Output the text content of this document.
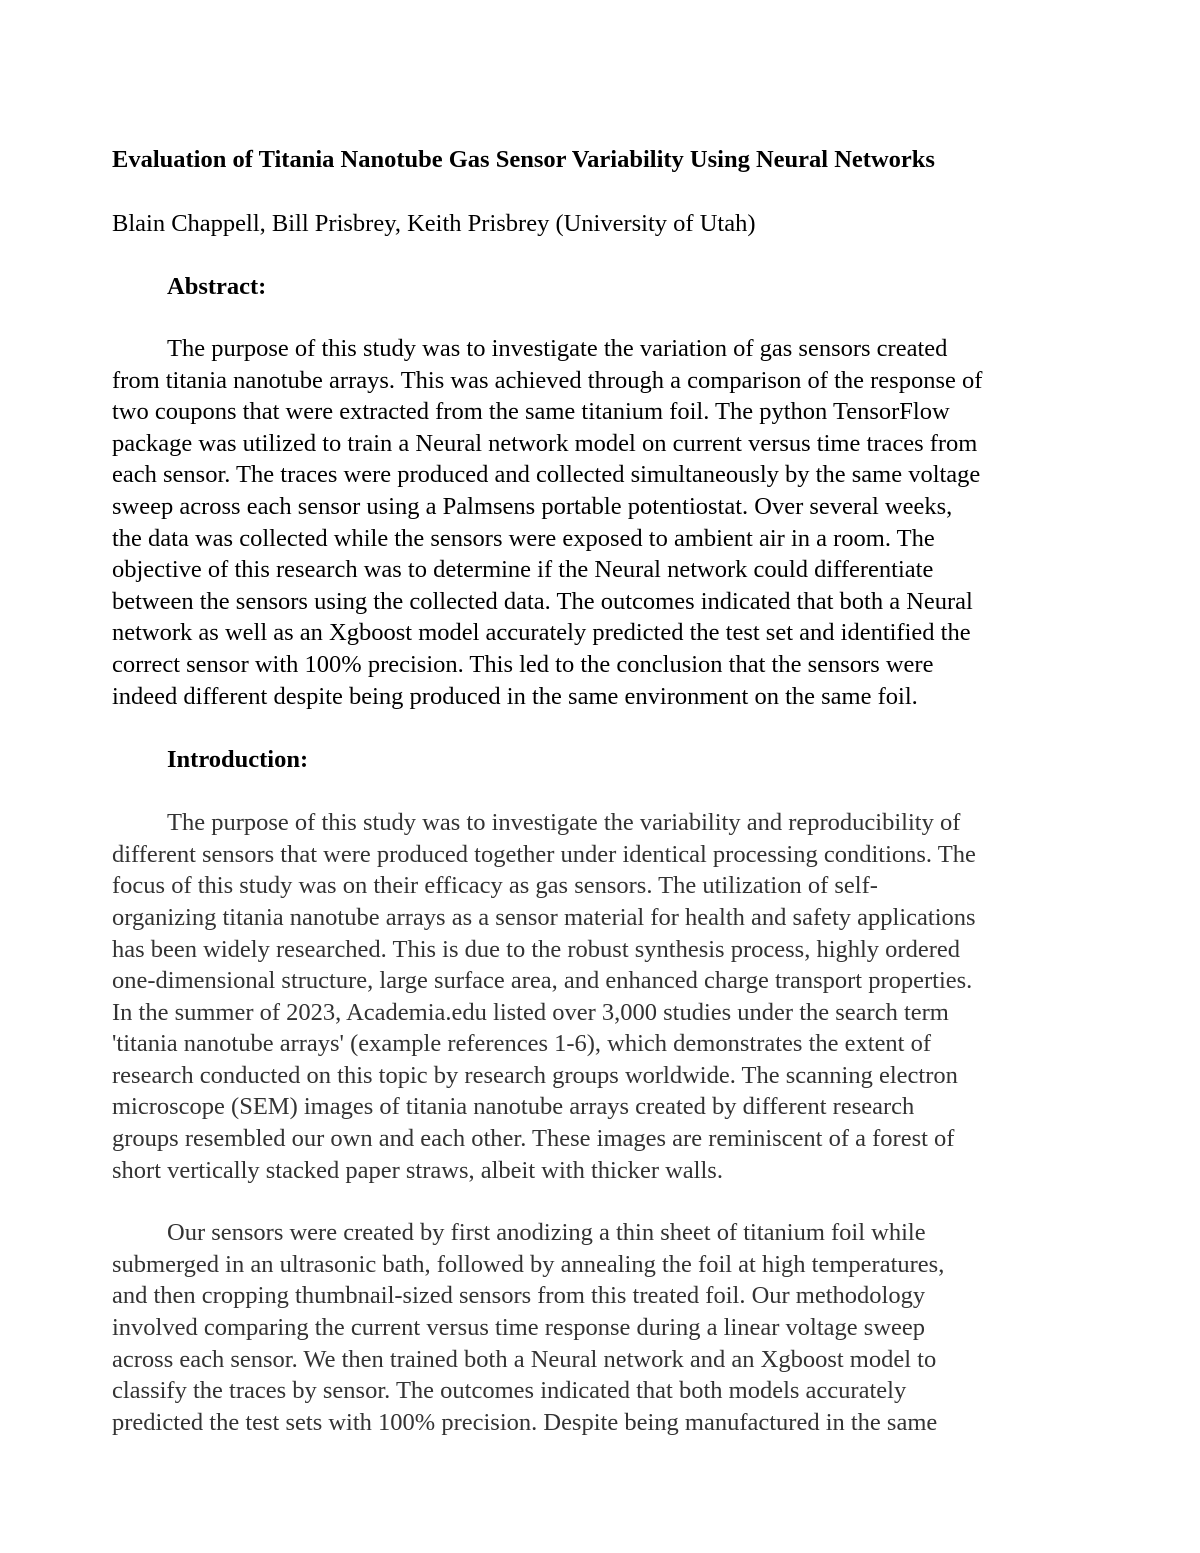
Evaluation of Titania Nanotube Gas Sensor Variability Using Neural Networks

Blain Chappell, Bill Prisbrey, Keith Prisbrey (University of Utah)

Abstract:

The purpose of this study was to investigate the variation of gas sensors created
from titania nanotube arrays. This was achieved through a comparison of the response of
two coupons that were extracted from the same titanium foil. The python TensorFlow
package was utilized to train a Neural network model on current versus time traces from
each sensor. The traces were produced and collected simultaneously by the same voltage
sweep across each sensor using a Palmsens portable potentiostat. Over several weeks,
the data was collected while the sensors were exposed to ambient air in a room. The
objective of this research was to determine if the Neural network could differentiate
between the sensors using the collected data. The outcomes indicated that both a Neural
network as well as an Xgboost model accurately predicted the test set and identified the
correct sensor with 100% precision. This led to the conclusion that the sensors were
indeed different despite being produced in the same environment on the same foil.

Introduction:

The purpose of this study was to investigate the variability and reproducibility of
different sensors that were produced together under identical processing conditions. The
focus of this study was on their efficacy as gas sensors. The utilization of self-
organizing titania nanotube arrays as a sensor material for health and safety applications
has been widely researched. This is due to the robust synthesis process, highly ordered
one-dimensional structure, large surface area, and enhanced charge transport properties.
In the summer of 2023, Academia.edu listed over 3,000 studies under the search term
'titania nanotube arrays' (example references 1-6), which demonstrates the extent of
research conducted on this topic by research groups worldwide. The scanning electron
microscope (SEM) images of titania nanotube arrays created by different research
groups resembled our own and each other. These images are reminiscent of a forest of
short vertically stacked paper straws, albeit with thicker walls.

Our sensors were created by first anodizing a thin sheet of titanium foil while
submerged in an ultrasonic bath, followed by annealing the foil at high temperatures,
and then cropping thumbnail-sized sensors from this treated foil. Our methodology
involved comparing the current versus time response during a linear voltage sweep
across each sensor. We then trained both a Neural network and an Xgboost model to
classify the traces by sensor. The outcomes indicated that both models accurately
predicted the test sets with 100% precision. Despite being manufactured in the same
